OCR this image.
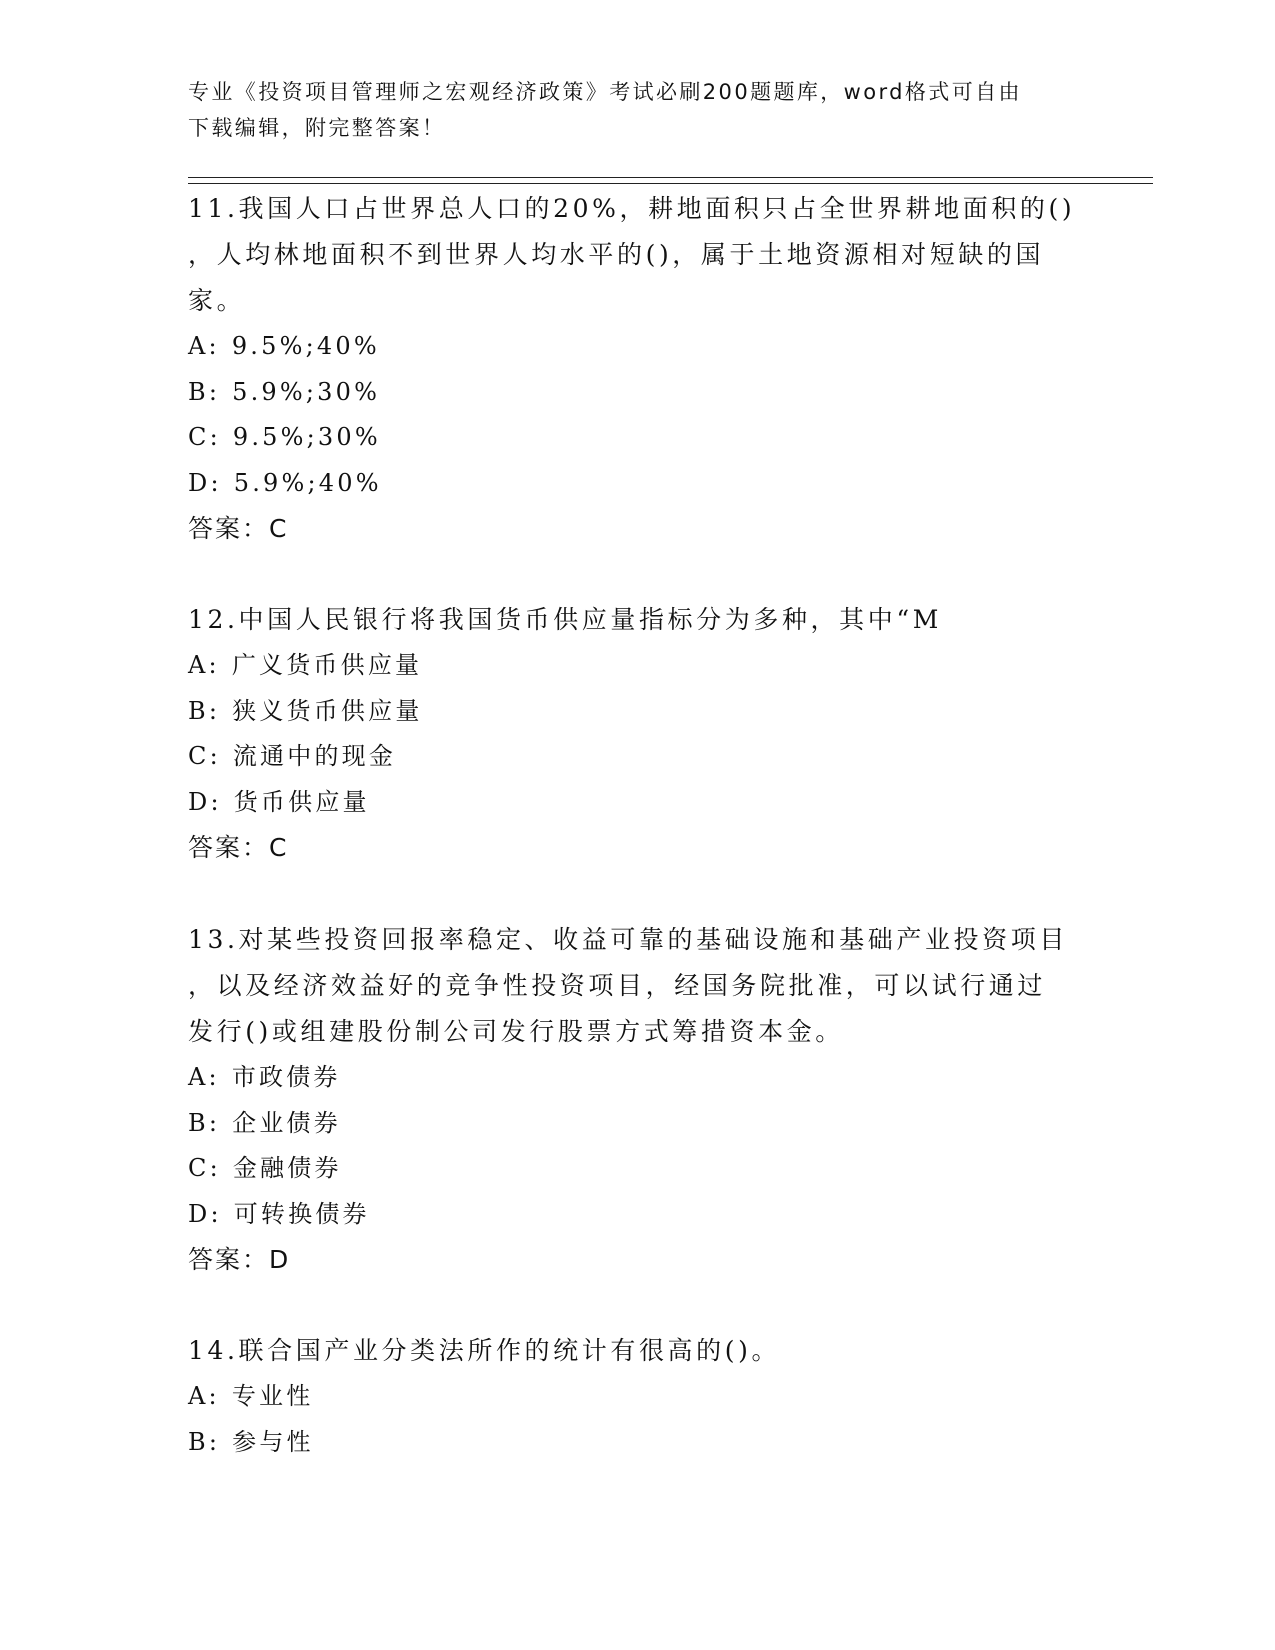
专业《投资项目管理师之宏观经济政策》考试必刷200题题库，word格式可自由
下载编辑，附完整答案！

11.我国人口占世界总人口的20%，耕地面积只占全世界耕地面积的()

，人均林地面积不到世界人均水平的()，属于土地资源相对短缺的国

家。

A: 9.5%;40%

B: 5.9%;30%

C: 9.5%;30%

D: 5.9%;40%

答案：C

12.中国人民银行将我国货币供应量指标分为多种，其中“M

A: 广义货币供应量

B: 狭义货币供应量

C: 流通中的现金

D: 货币供应量

答案：C

13.对某些投资回报率稳定、收益可靠的基础设施和基础产业投资项目

，以及经济效益好的竞争性投资项目，经国务院批准，可以试行通过

发行()或组建股份制公司发行股票方式筹措资本金。

A: 市政债券

B: 企业债券

C: 金融债券

D: 可转换债券

答案：D

14.联合国产业分类法所作的统计有很高的()。

A: 专业性

B: 参与性
